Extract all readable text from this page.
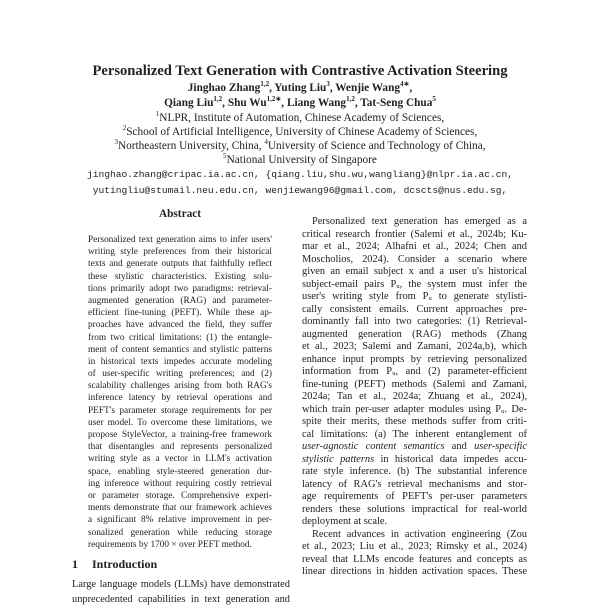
Personalized Text Generation with Contrastive Activation Steering
Jinghao Zhang$^{1,2}$, Yuting Liu$^3$, Wenjie Wang$^{4∗}$,
Qiang Liu$^{1,2}$, Shu $Wu^{1,2∗}$, Liang Wang$^{1,2}$, Tat-Seng Chua$^5$
$^1$NLPR, Institute of Automation, Chinese Academy of Sciences,
$^2$School of Artificial Intelligence, University of Chinese Academy of Sciences,
$^3$Northeastern University, China, $^4$University of Science and Technology of China,
$^5$National University of Singapore
jinghao.zhang@cripac.ia.ac.cn, {qiang.liu,shu.wu,wangliang}@nlpr.ia.ac.cn,
yutingliu@stumail.neu.edu.cn, wenjiewang96@gmail.com, dcscts@nus.edu.sg,
Abstract
Personalized text generation aims to infer users'
writing style preferences from their historical
texts and generate outputs that faithfully reflect
these stylistic characteristics. Existing solu-
tions primarily adopt two paradigms: retrieval-
augmented generation (RAG) and parameter-
efficient fine-tuning (PEFT). While these ap-
proaches have advanced the field, they suffer
from two critical limitations: (1) the entangle-
ment of content semantics and stylistic patterns
in historical texts impedes accurate modeling
of user-specific writing preferences; and (2)
scalability challenges arising from both RAG's
inference latency by retrieval operations and
PEFT's parameter storage requirements for per
user model. To overcome these limitations, we
propose StyleVector, a training-free framework
that disentangles and represents personalized
writing style as a vector in LLM's activation
space, enabling style-steered generation dur-
ing inference without requiring costly retrieval
or parameter storage. Comprehensive experi-
ments demonstrate that our framework achieves
a significant 8% relative improvement in per-
sonalized generation while reducing storage
requirements by 1700 × over PEFT method.
1 Introduction
Large language models (LLMs) have demonstrated
unprecedented capabilities in text generation and
Personalized text generation has emerged as a
critical research frontier (Salemi et al., 2024b; Ku-
mar et al., 2024; Alhafni et al., 2024; Chen and
Moscholios, 2024). Consider a scenario where
given an email subject x and a user u's historical
subject-email pairs Pᵤ, the system must infer the
user's writing style from Pᵤ to generate stylisti-
cally consistent emails. Current approaches pre-
dominantly fall into two categories: (1) Retrieval-
augmented generation (RAG) methods (Zhang
et al., 2023; Salemi and Zamani, 2024a,b), which
enhance input prompts by retrieving personalized
information from Pᵤ, and (2) parameter-efficient
fine-tuning (PEFT) methods (Salemi and Zamani,
2024a; Tan et al., 2024a; Zhuang et al., 2024),
which train per-user adapter modules using Pᵤ. De-
spite their merits, these methods suffer from criti-
cal limitations: (a) The inherent entanglement of
user-agnostic content semantics and user-specific
stylistic patterns in historical data impedes accu-
rate style inference. (b) The substantial inference
latency of RAG's retrieval mechanisms and stor-
age requirements of PEFT's per-user parameters
renders these solutions impractical for real-world
deployment at scale.
Recent advances in activation engineering (Zou
et al., 2023; Liu et al., 2023; Rimsky et al., 2024)
reveal that LLMs encode features and concepts as
linear directions in hidden activation spaces. These
